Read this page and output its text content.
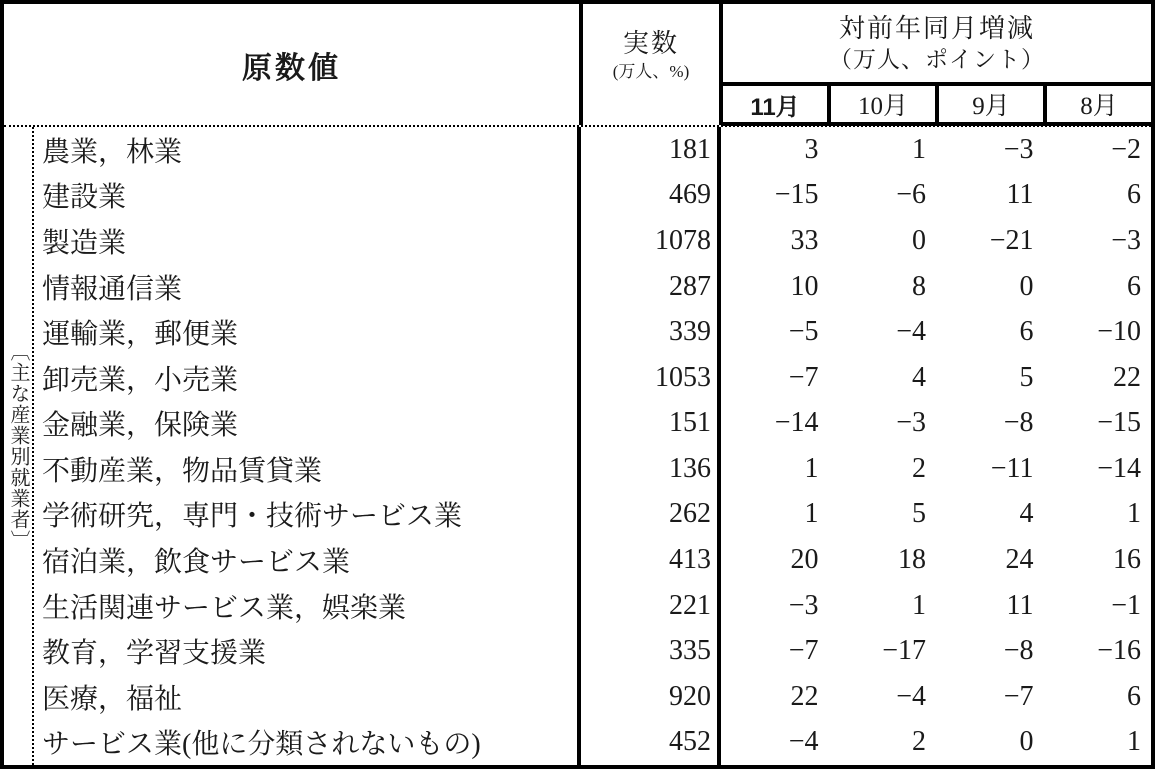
原数値
実数
(万人、%)
対前年同月増減
（万人、ポイント）
11月	10月	9月	8月
〔主な産業別就業者〕
農業，林業	181	3	1	−3	−2
建設業	469	−15	−6	11	6
製造業	1078	33	0	−21	−3
情報通信業	287	10	8	0	6
運輸業，郵便業	339	−5	−4	6	−10
卸売業，小売業	1053	−7	4	5	22
金融業，保険業	151	−14	−3	−8	−15
不動産業，物品賃貸業	136	1	2	−11	−14
学術研究，専門・技術サービス業	262	1	5	4	1
宿泊業，飲食サービス業	413	20	18	24	16
生活関連サービス業，娯楽業	221	−3	1	11	−1
教育，学習支援業	335	−7	−17	−8	−16
医療，福祉	920	22	−4	−7	6
サービス業(他に分類されないもの)	452	−4	2	0	1
